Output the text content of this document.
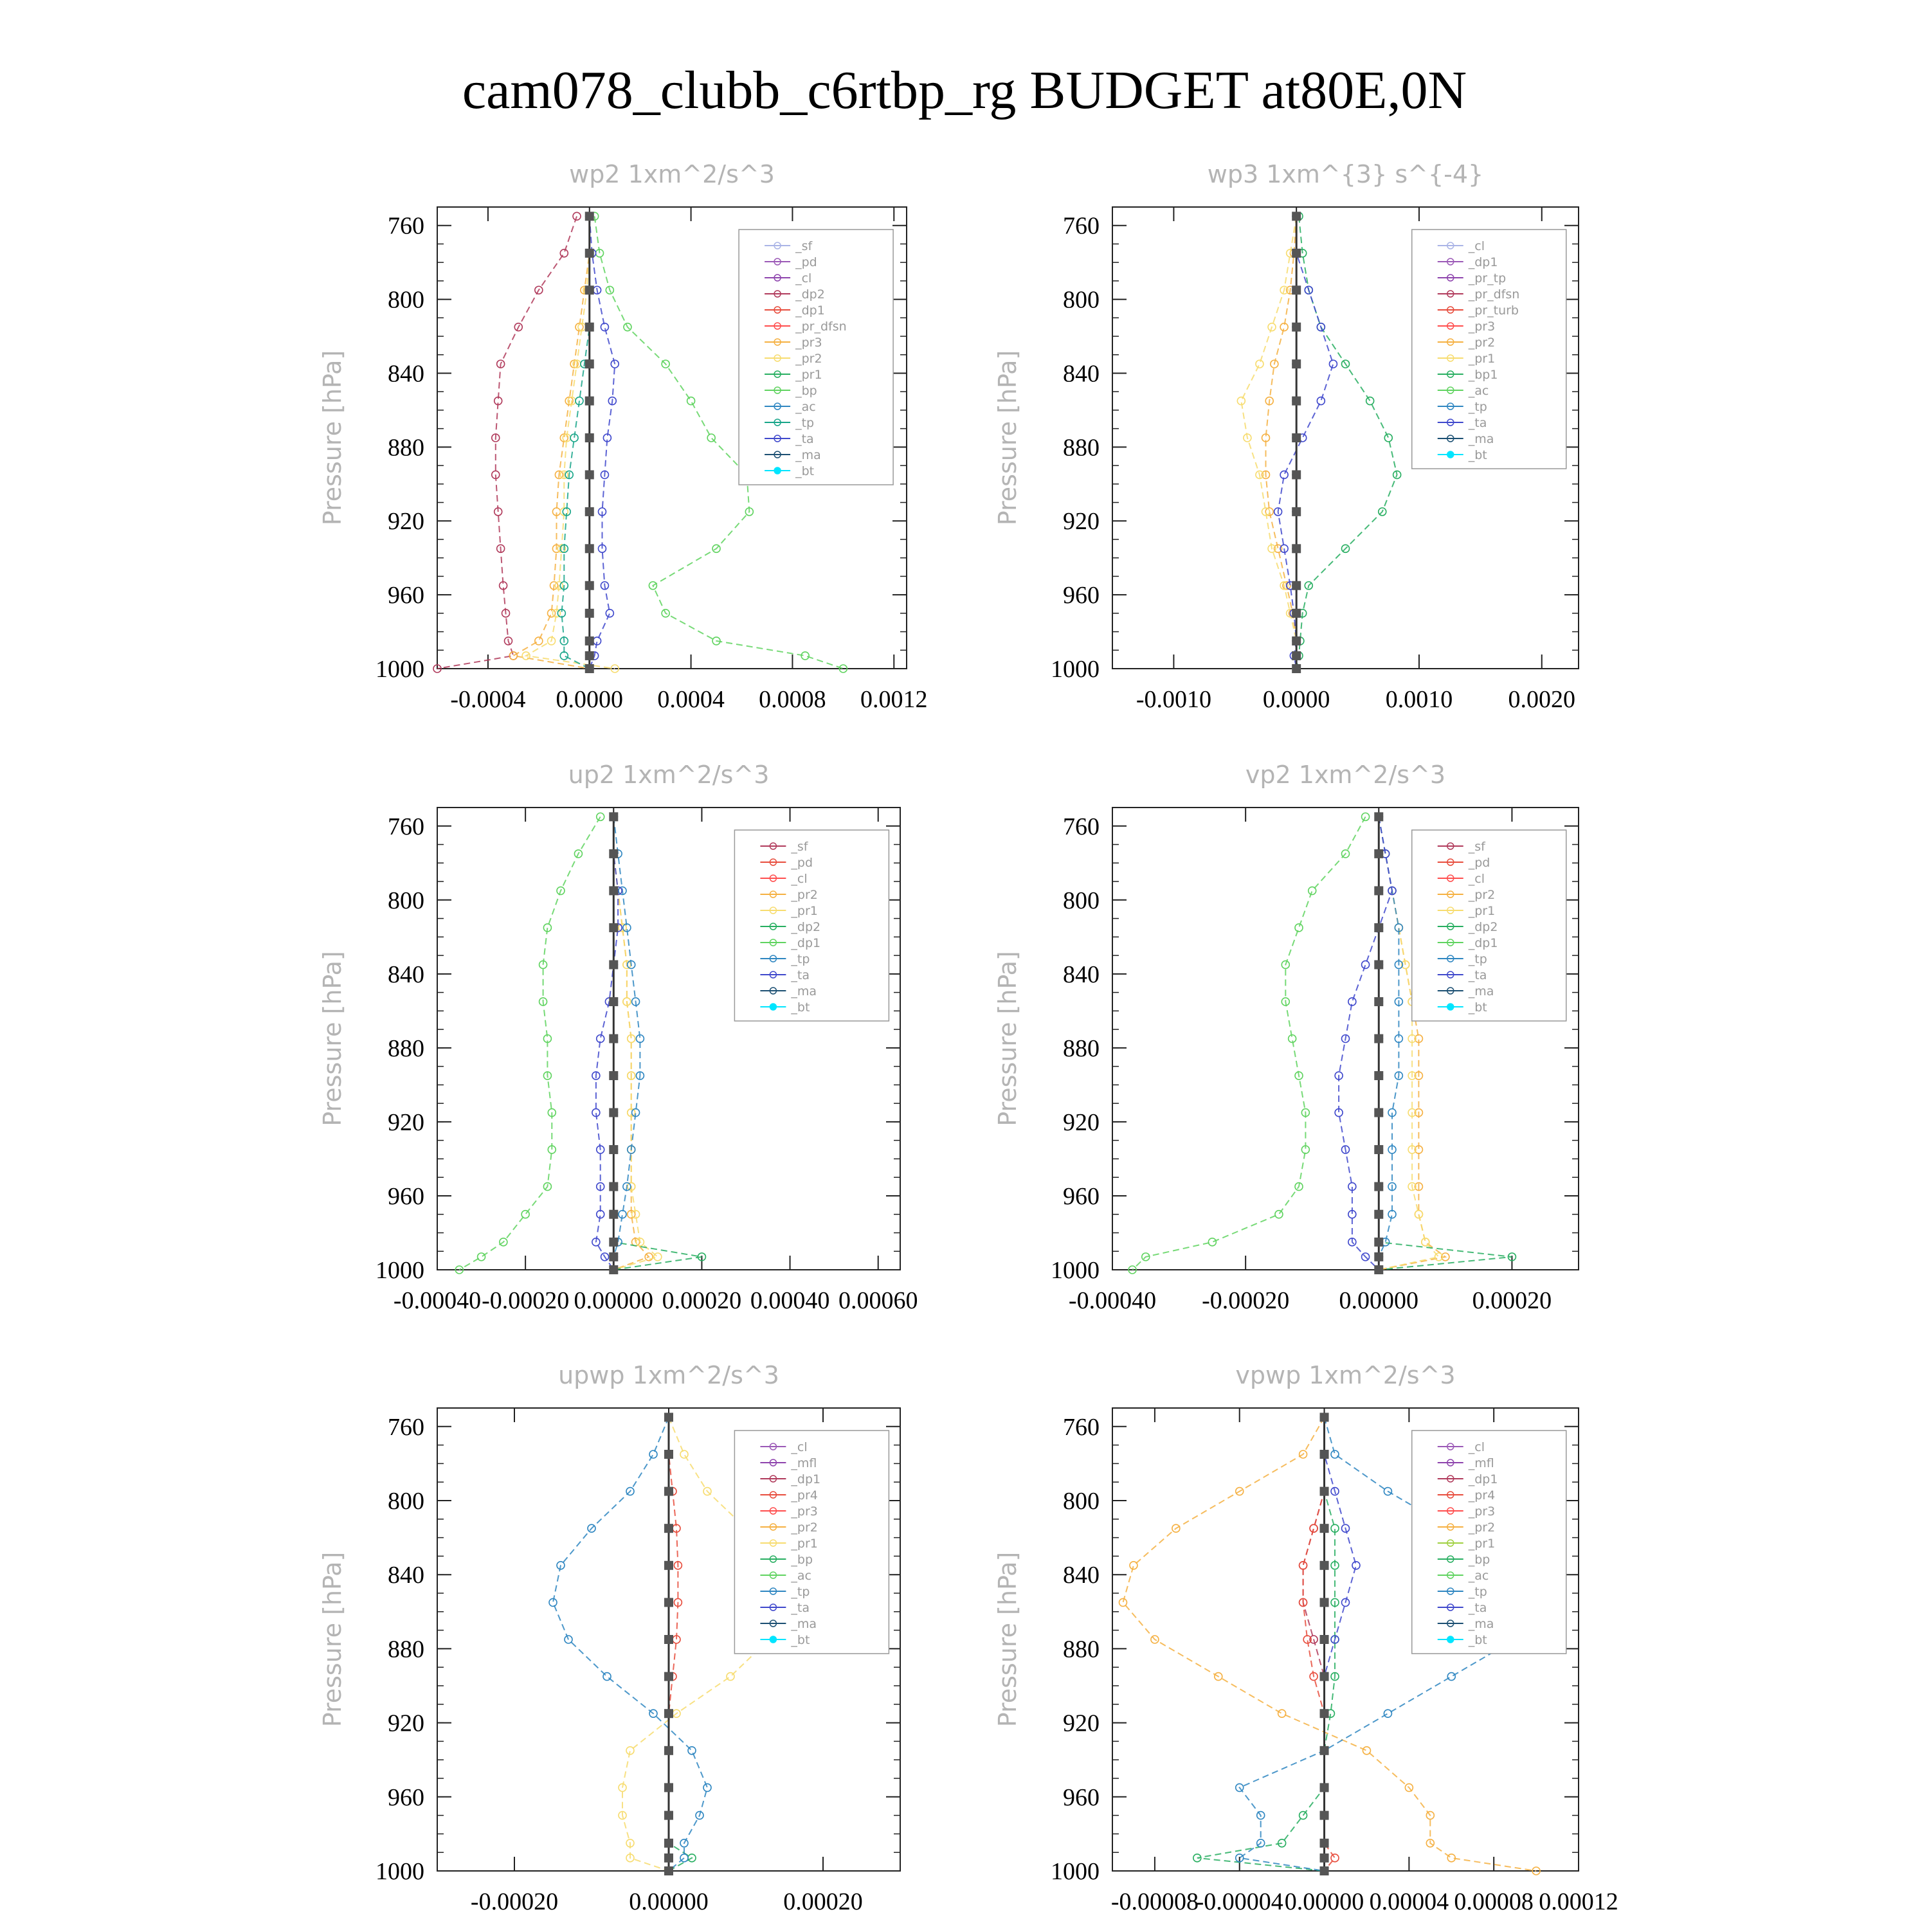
cam078_clubb_c6rtbp_rg BUDGET at80E,0N
wp2 1xm^2/s^3
Pressure [hPa]
760
800
840
880
920
960
1000
-0.0004 0.0000 0.0004 0.0008 0.0012
_sf
_pd
_cl
_dp2
_dp1
_pr_dfsn
_pr3
_pr2
_pr1
_bp
_ac
_tp
_ta
_ma
_bt
wp3 1xm^{3} s^{-4}
Pressure [hPa]
760
800
840
880
920
960
1000
-0.0010 0.0000 0.0010 0.0020
_cl
_dp1
_pr_tp
_pr_dfsn
_pr_turb
_pr3
_pr2
_pr1
_bp1
_ac
_tp
_ta
_ma
_bt
up2 1xm^2/s^3
Pressure [hPa]
760
800
840
880
920
960
1000
-0.00040 -0.00020 0.00000 0.00020 0.00040 0.00060
_sf
_pd
_cl
_pr2
_pr1
_dp2
_dp1
_tp
_ta
_ma
_bt
vp2 1xm^2/s^3
Pressure [hPa]
760
800
840
880
920
960
1000
-0.00040 -0.00020 0.00000 0.00020
_sf
_pd
_cl
_pr2
_pr1
_dp2
_dp1
_tp
_ta
_ma
_bt
upwp 1xm^2/s^3
Pressure [hPa]
760
800
840
880
920
960
1000
-0.00020	0.00000	0.00020
_cl
_mfl
_dp1
_pr4
_pr3
_pr2
_pr1
_bp
_ac
_tp
_ta
_ma
_bt
vpwp 1xm^2/s^3
Pressure [hPa]
760
800
840
880
920
960
1000
-0.00008
-0.00004 0.00000 0.00004 0.00008 0.00012
_cl
_mfl
_dp1
_pr4
_pr3
_pr2
_pr1
_bp
_ac
_tp
_ta
_ma
_bt
